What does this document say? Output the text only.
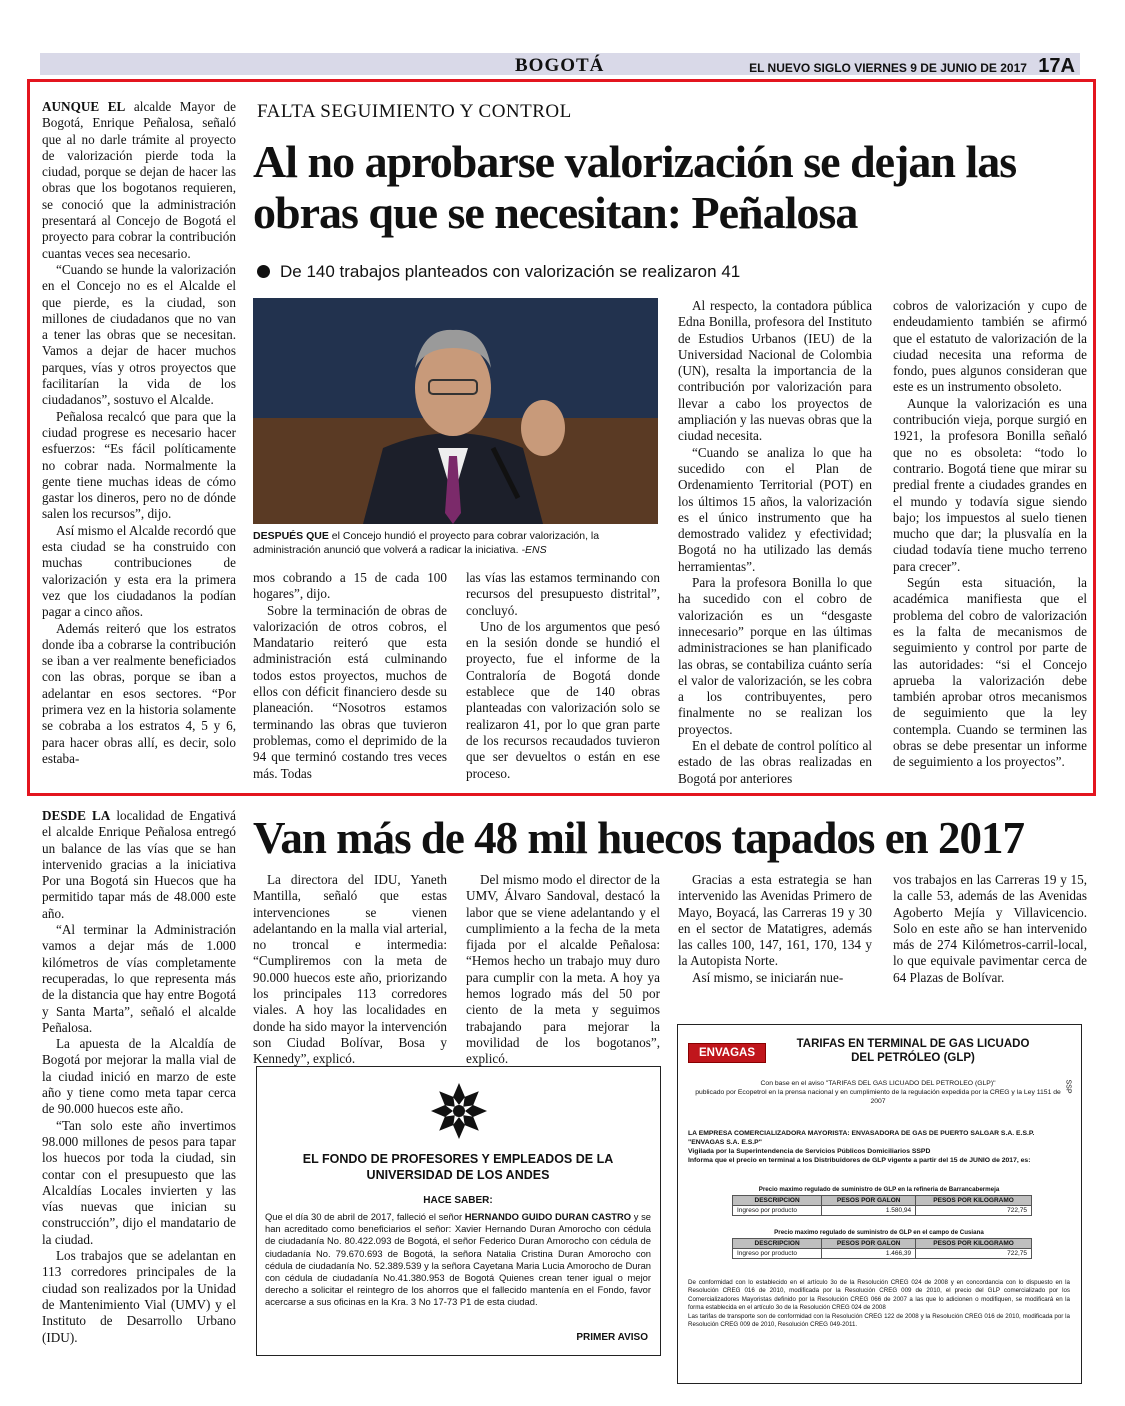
BOGOTÁ	EL NUEVO SIGLO VIERNES 9 DE JUNIO DE 2017 17A

AUNQUE EL alcalde Mayor de Bogotá, Enrique Peñalosa, señaló que al no darle trámite al proyecto de valorización pierde toda la ciudad, porque se dejan de hacer las obras que los bogotanos requieren, se conoció que la administración presentará al Concejo de Bogotá el proyecto para cobrar la contribución cuantas veces sea necesario.

“Cuando se hunde la valorización en el Concejo no es el Alcalde el que pierde, es la ciudad, son millones de ciudadanos que no van a tener las obras que se necesitan. Vamos a dejar de hacer muchos parques, vías y otros proyectos que facilitarían la vida de los ciudadanos”, sostuvo el Alcalde.

Peñalosa recalcó que para que la ciudad progrese es necesario hacer esfuerzos: “Es fácil políticamente no cobrar nada. Normalmente la gente tiene muchas ideas de cómo gastar los dineros, pero no de dónde salen los recursos”, dijo.

Así mismo el Alcalde recordó que esta ciudad se ha construido con muchas contribuciones de valorización y esta era la primera vez que los ciudadanos la podían pagar a cinco años.

Además reiteró que los estratos donde iba a cobrarse la contribución se iban a ver realmente beneficiados con las obras, porque se iban a adelantar en esos sectores. “Por primera vez en la historia solamente se cobraba a los estratos 4, 5 y 6, para hacer obras allí, es decir, solo estaba-

FALTA SEGUIMIENTO Y CONTROL
Al no aprobarse valorización se dejan las obras que se necesitan: Peñalosa
De 140 trabajos planteados con valorización se realizaron 41
DESPUÉS QUE el Concejo hundió el proyecto para cobrar valorización, la administración anunció que volverá a radicar la iniciativa. -ENS

mos cobrando a 15 de cada 100 hogares”, dijo.

Sobre la terminación de obras de valorización de otros cobros, el Mandatario reiteró que esta administración está culminando todos estos proyectos, muchos de ellos con déficit financiero desde su planeación. “Nosotros estamos terminando las obras que tuvieron problemas, como el deprimido de la 94 que terminó costando tres veces más. Todas

las vías las estamos terminando con recursos del presupuesto distrital”, concluyó.

Uno de los argumentos que pesó en la sesión donde se hundió el proyecto, fue el informe de la Contraloría de Bogotá donde establece que de 140 obras planteadas con valorización solo se realizaron 41, por lo que gran parte de los recursos recaudados tuvieron que ser devueltos o están en ese proceso.

Al respecto, la contadora pública Edna Bonilla, profesora del Instituto de Estudios Urbanos (IEU) de la Universidad Nacional de Colombia (UN), resalta la importancia de la contribución por valorización para llevar a cabo los proyectos de ampliación y las nuevas obras que la ciudad necesita.

“Cuando se analiza lo que ha sucedido con el Plan de Ordenamiento Territorial (POT) en los últimos 15 años, la valorización es el único instrumento que ha demostrado validez y efectividad; Bogotá no ha utilizado las demás herramientas”.

Para la profesora Bonilla lo que ha sucedido con el cobro de valorización es un “desgaste innecesario” porque en las últimas administraciones se han planificado las obras, se contabiliza cuánto sería el valor de valorización, se les cobra a los contribuyentes, pero finalmente no se realizan los proyectos.

En el debate de control político al estado de las obras realizadas en Bogotá por anteriores

cobros de valorización y cupo de endeudamiento también se afirmó que el estatuto de valorización de la ciudad necesita una reforma de fondo, pues algunos consideran que este es un instrumento obsoleto.

Aunque la valorización es una contribución vieja, porque surgió en 1921, la profesora Bonilla señaló que no es obsoleta: “todo lo contrario. Bogotá tiene que mirar su predial frente a ciudades grandes en el mundo y todavía sigue siendo bajo; los impuestos al suelo tienen mucho que dar; la plusvalía en la ciudad todavía tiene mucho terreno para crecer”.

Según esta situación, la académica manifiesta que el problema del cobro de valorización es la falta de mecanismos de seguimiento y control por parte de las autoridades: “si el Concejo aprueba la valorización debe también aprobar otros mecanismos de seguimiento que la ley contempla. Cuando se terminen las obras se debe presentar un informe de seguimiento a los proyectos”.

DESDE LA localidad de Engativá el alcalde Enrique Peñalosa entregó un balance de las vías que se han intervenido gracias a la iniciativa Por una Bogotá sin Huecos que ha permitido tapar más de 48.000 este año.

“Al terminar la Administración vamos a dejar más de 1.000 kilómetros de vías completamente recuperadas, lo que representa más de la distancia que hay entre Bogotá y Santa Marta”, señaló el alcalde Peñalosa.

La apuesta de la Alcaldía de Bogotá por mejorar la malla vial de la ciudad inició en marzo de este año y tiene como meta tapar cerca de 90.000 huecos este año.

“Tan solo este año invertimos 98.000 millones de pesos para tapar los huecos por toda la ciudad, sin contar con el presupuesto que las Alcaldías Locales invierten y las vías nuevas que inician su construcción”, dijo el mandatario de la ciudad.

Los trabajos que se adelantan en 113 corredores principales de la ciudad son realizados por la Unidad de Mantenimiento Vial (UMV) y el Instituto de Desarrollo Urbano (IDU).

Van más de 48 mil huecos tapados en 2017

La directora del IDU, Yaneth Mantilla, señaló que estas intervenciones se vienen adelantando en la malla vial arterial, no troncal e intermedia: “Cumpliremos con la meta de 90.000 huecos este año, priorizando los principales 113 corredores viales. A hoy las localidades en donde ha sido mayor la intervención son Ciudad Bolívar, Bosa y Kennedy”, explicó.

Del mismo modo el director de la UMV, Álvaro Sandoval, destacó la labor que se viene adelantando y el cumplimiento a la fecha de la meta fijada por el alcalde Peñalosa: “Hemos hecho un trabajo muy duro para cumplir con la meta. A hoy ya hemos logrado más del 50 por ciento de la meta y seguimos trabajando para mejorar la movilidad de los bogotanos”, explicó.

Gracias a esta estrategia se han intervenido las Avenidas Primero de Mayo, Boyacá, las Carreras 19 y 30 en el sector de Matatigres, además las calles 100, 147, 161, 170, 134 y la Autopista Norte.

Así mismo, se iniciarán nue-

vos trabajos en las Carreras 19 y 15, la calle 53, además de las Avenidas Agoberto Mejía y Villavicencio. Solo en este año se han intervenido más de 274 Kilómetros-carril-local, lo que equivale pavimentar cerca de 64 Plazas de Bolívar.

EL FONDO DE PROFESORES Y EMPLEADOS DE LA UNIVERSIDAD DE LOS ANDES
HACE SABER:
Que el día 30 de abril de 2017, falleció el señor HERNANDO GUIDO DURAN CASTRO y se han acreditado como beneficiarios el señor: Xavier Hernando Duran Amorocho con cédula de ciudadanía No. 80.422.093 de Bogotá, el señor Federico Duran Amorocho con cédula de ciudadanía No. 79.670.693 de Bogotá, la señora Natalia Cristina Duran Amorocho con cédula de ciudadanía No. 52.389.539 y la señora Cayetana Maria Lucia Amorocho de Duran con cédula de ciudadanía No.41.380.953 de Bogotá Quienes crean tener igual o mejor derecho a solicitar el reintegro de los ahorros que el fallecido mantenía en el Fondo, favor acercarse a sus oficinas en la Kra. 3 No 17-73 P1 de esta ciudad.
PRIMER AVISO
ENVAGAS
TARIFAS EN TERMINAL DE GAS LICUADO DEL PETRÓLEO (GLP)
SSP
Con base en el aviso "TARIFAS DEL GAS LICUADO DEL PETROLEO (GLP)"
publicado por Ecopetrol en la prensa nacional y en cumplimiento de la regulación expedida por la CREG y la Ley 1151 de 2007
LA EMPRESA COMERCIALIZADORA MAYORISTA: ENVASADORA DE GAS DE PUERTO SALGAR S.A. E.S.P. "ENVAGAS S.A. E.S.P"
Vigilada por la Superintendencia de Servicios Públicos Domiciliarios SSPD
Informa que el precio en terminal a los Distribuidores de GLP vigente a partir del 15 de JUNIO de 2017, es:
Precio maximo regulado de suministro de GLP en la refineria de Barrancabermeja
DESCRIPCION	PESOS POR GALON	PESOS POR KILOGRAMO
Ingreso por producto	1.580,94	722,75
Precio maximo regulado de suministro de GLP en el campo de Cusiana
DESCRIPCION	PESOS POR GALON	PESOS POR KILOGRAMO
Ingreso por producto	1.466,39	722,75
De conformidad con lo establecido en el artículo 3o de la Resolución CREG 024 de 2008 y en concordancia con lo dispuesto en la Resolución CREG 016 de 2010, modificada por la Resolución CREG 009 de 2010, el precio del GLP comercializado por los Comercializadores Mayoristas definido por la Resolución CREG 066 de 2007 a las que lo adicionen o modifiquen, se modificará en la forma establecida en el artículo 3o de la Resolución CREG 024 de 2008
Las tarifas de transporte son de conformidad con la Resolución CREG 122 de 2008 y la Resolución CREG 016 de 2010, modificada por la Resolución CREG 009 de 2010, Resolución CREG 049-2011.
